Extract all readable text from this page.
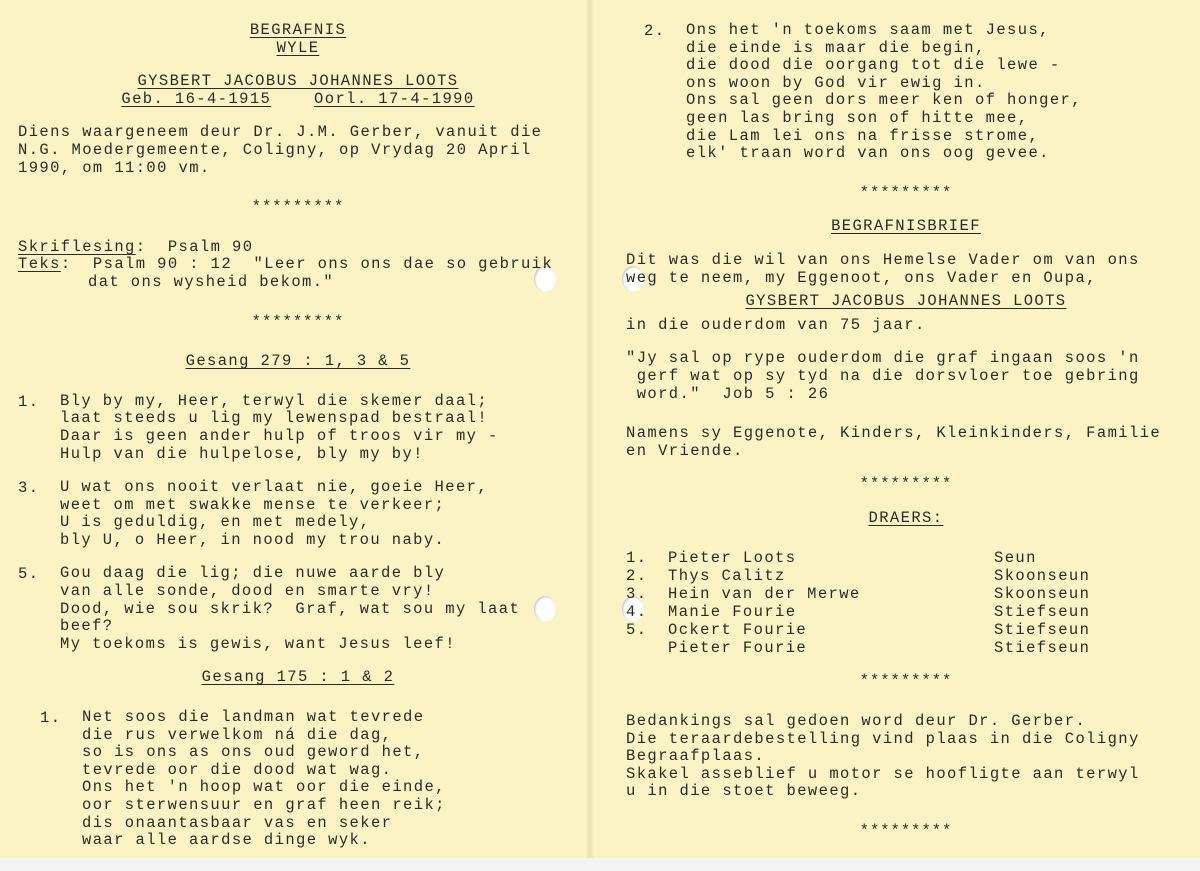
BEGRAFNIS

WYLE

GYSBERT JACOBUS JOHANNES LOOTS

Geb. 16-4-1915	Oorl. 17-4-1990

Diens waargeneem deur Dr. J.M. Gerber, vanuit die

N.G. Moedergemeente, Coligny, op Vrydag 20 April

1990, om 11:00 vm.

*********

Skriflesing:  Psalm 90

Teks:  Psalm 90 : 12  "Leer ons ons dae so gebruik

dat ons wysheid bekom."

*********

Gesang 279 : 1, 3 & 5

1.	Bly by my, Heer, terwyl die skemer daal;

laat steeds u lig my lewenspad bestraal!

Daar is geen ander hulp of troos vir my -

Hulp van die hulpelose, bly my by!

3.	U wat ons nooit verlaat nie, goeie Heer,

weet om met swakke mense te verkeer;

U is geduldig, en met medely,

bly U, o Heer, in nood my trou naby.

5.	Gou daag die lig; die nuwe aarde bly

van alle sonde, dood en smarte vry!

Dood, wie sou skrik?  Graf, wat sou my laat

beef?

My toekoms is gewis, want Jesus leef!

Gesang 175 : 1 & 2

1.	Net soos die landman wat tevrede

die rus verwelkom ná die dag,

so is ons as ons oud geword het,

tevrede oor die dood wat wag.

Ons het 'n hoop wat oor die einde,

oor sterwensuur en graf heen reik;

dis onaantasbaar vas en seker

waar alle aardse dinge wyk.

2.	Ons het 'n toekoms saam met Jesus,

die einde is maar die begin,

die dood die oorgang tot die lewe -

ons woon by God vir ewig in.

Ons sal geen dors meer ken of honger,

geen las bring son of hitte mee,

die Lam lei ons na frisse strome,

elk' traan word van ons oog gevee.

*********

BEGRAFNISBRIEF

Dit was die wil van ons Hemelse Vader om van ons

weg te neem, my Eggenoot, ons Vader en Oupa,

GYSBERT JACOBUS JOHANNES LOOTS

in die ouderdom van 75 jaar.

"Jy sal op rype ouderdom die graf ingaan soos 'n

gerf wat op sy tyd na die dorsvloer toe gebring

word."  Job 5 : 26

Namens sy Eggenote, Kinders, Kleinkinders, Familie

en Vriende.

*********

DRAERS:

1.	Pieter Loots	Seun
2.	Thys Calitz	Skoonseun
3.	Hein van der Merwe	Skoonseun
4.	Manie Fourie	Stiefseun
5.	Ockert Fourie	Stiefseun
	Pieter Fourie	Stiefseun

*********

Bedankings sal gedoen word deur Dr. Gerber.

Die teraardebestelling vind plaas in die Coligny

Begraafplaas.

Skakel asseblief u motor se hoofligte aan terwyl

u in die stoet beweeg.

*********
